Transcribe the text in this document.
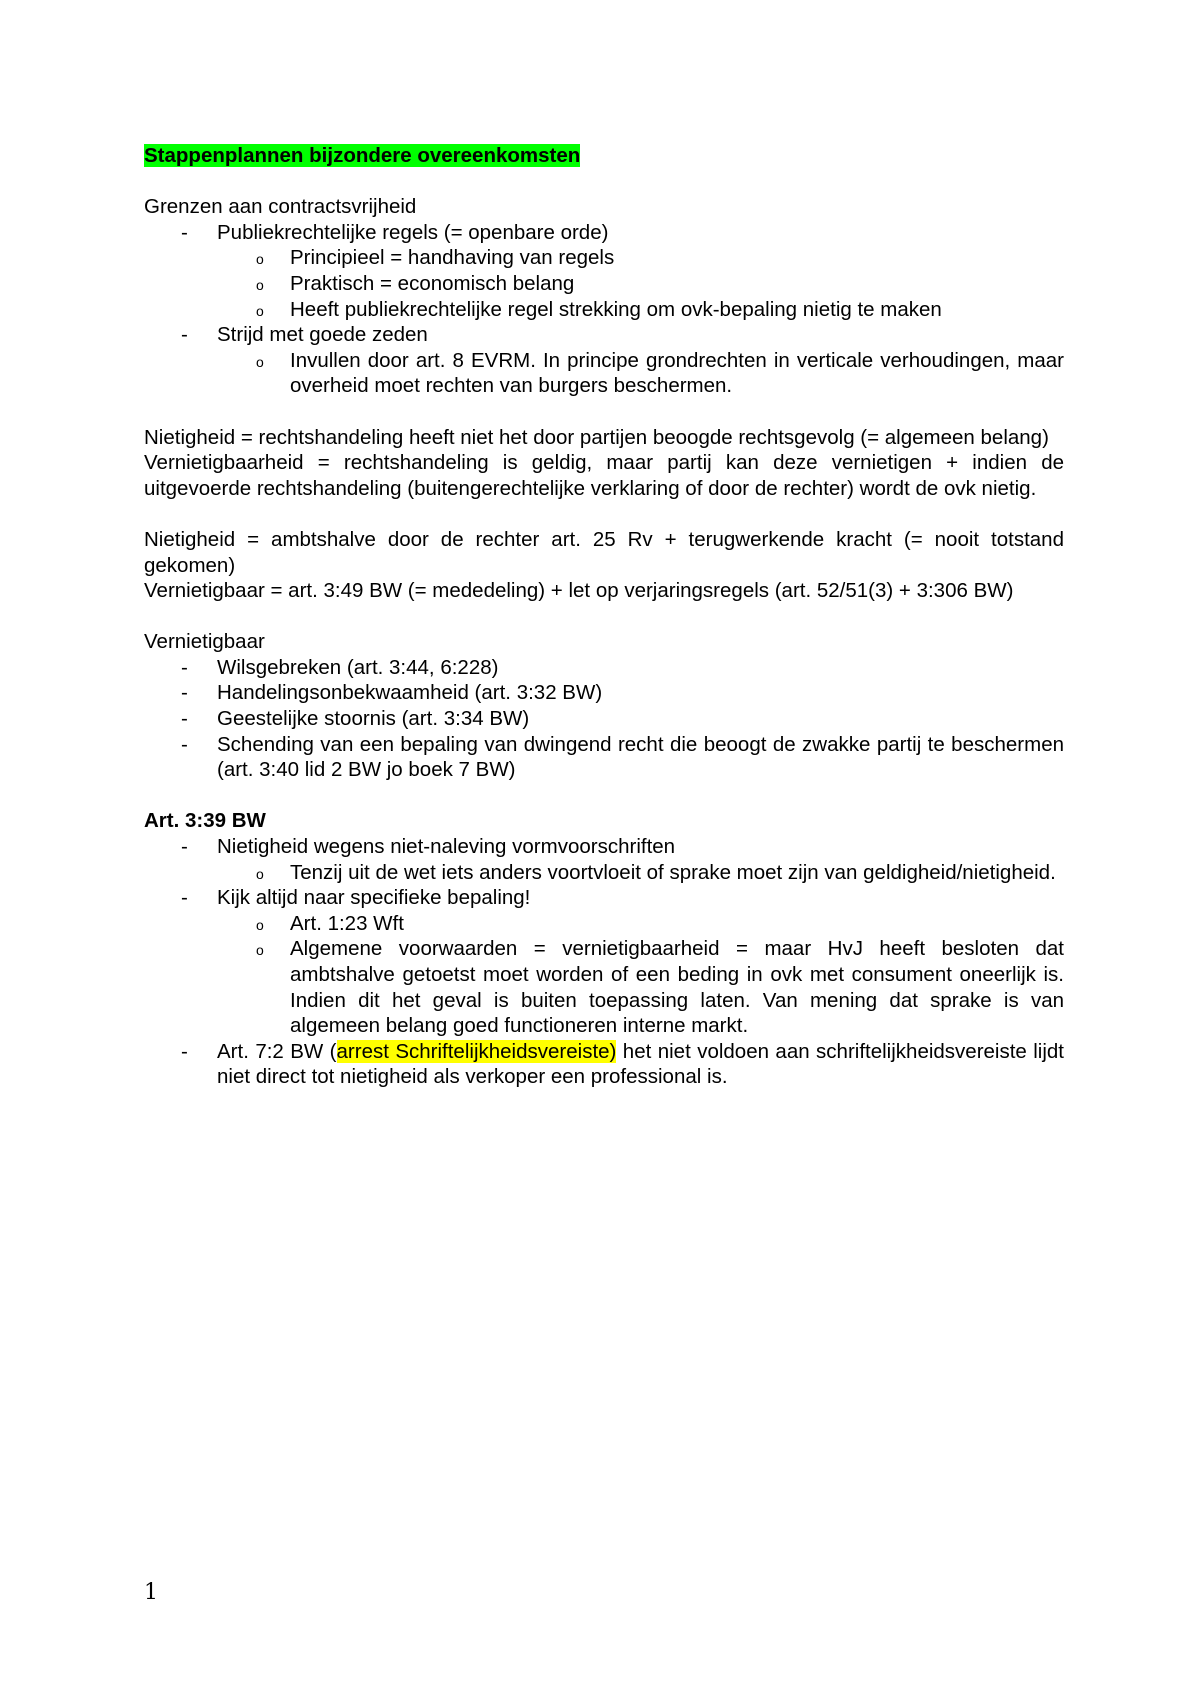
Stappenplannen bijzondere overeenkomsten

Grenzen aan contractsvrijheid

- Publiekrechtelijke regels (= openbare orde)
o Principieel = handhaving van regels
o Praktisch = economisch belang
o Heeft publiekrechtelijke regel strekking om ovk-bepaling nietig te maken
- Strijd met goede zeden
o Invullen door art. 8 EVRM. In principe grondrechten in verticale verhoudingen, maar overheid moet rechten van burgers beschermen.

Nietigheid = rechtshandeling heeft niet het door partijen beoogde rechtsgevolg (= algemeen belang)

Vernietigbaarheid = rechtshandeling is geldig, maar partij kan deze vernietigen + indien de uitgevoerde rechtshandeling (buitengerechtelijke verklaring of door de rechter) wordt de ovk nietig.

Nietigheid = ambtshalve door de rechter art. 25 Rv + terugwerkende kracht (= nooit totstand gekomen)

Vernietigbaar = art. 3:49 BW (= mededeling) + let op verjaringsregels (art. 52/51(3) + 3:306 BW)

Vernietigbaar

- Wilsgebreken (art. 3:44, 6:228)
- Handelingsonbekwaamheid (art. 3:32 BW)
- Geestelijke stoornis (art. 3:34 BW)
- Schending van een bepaling van dwingend recht die beoogt de zwakke partij te beschermen (art. 3:40 lid 2 BW jo boek 7 BW)

Art. 3:39 BW

- Nietigheid wegens niet-naleving vormvoorschriften
o Tenzij uit de wet iets anders voortvloeit of sprake moet zijn van geldigheid/nietigheid.
- Kijk altijd naar specifieke bepaling!
o Art. 1:23 Wft
o Algemene voorwaarden = vernietigbaarheid = maar HvJ heeft besloten dat ambtshalve getoetst moet worden of een beding in ovk met consument oneerlijk is. Indien dit het geval is buiten toepassing laten. Van mening dat sprake is van algemeen belang goed functioneren interne markt.
- Art. 7:2 BW (arrest Schriftelijkheidsvereiste) het niet voldoen aan schriftelijkheidsvereiste lijdt niet direct tot nietigheid als verkoper een professional is.
1
